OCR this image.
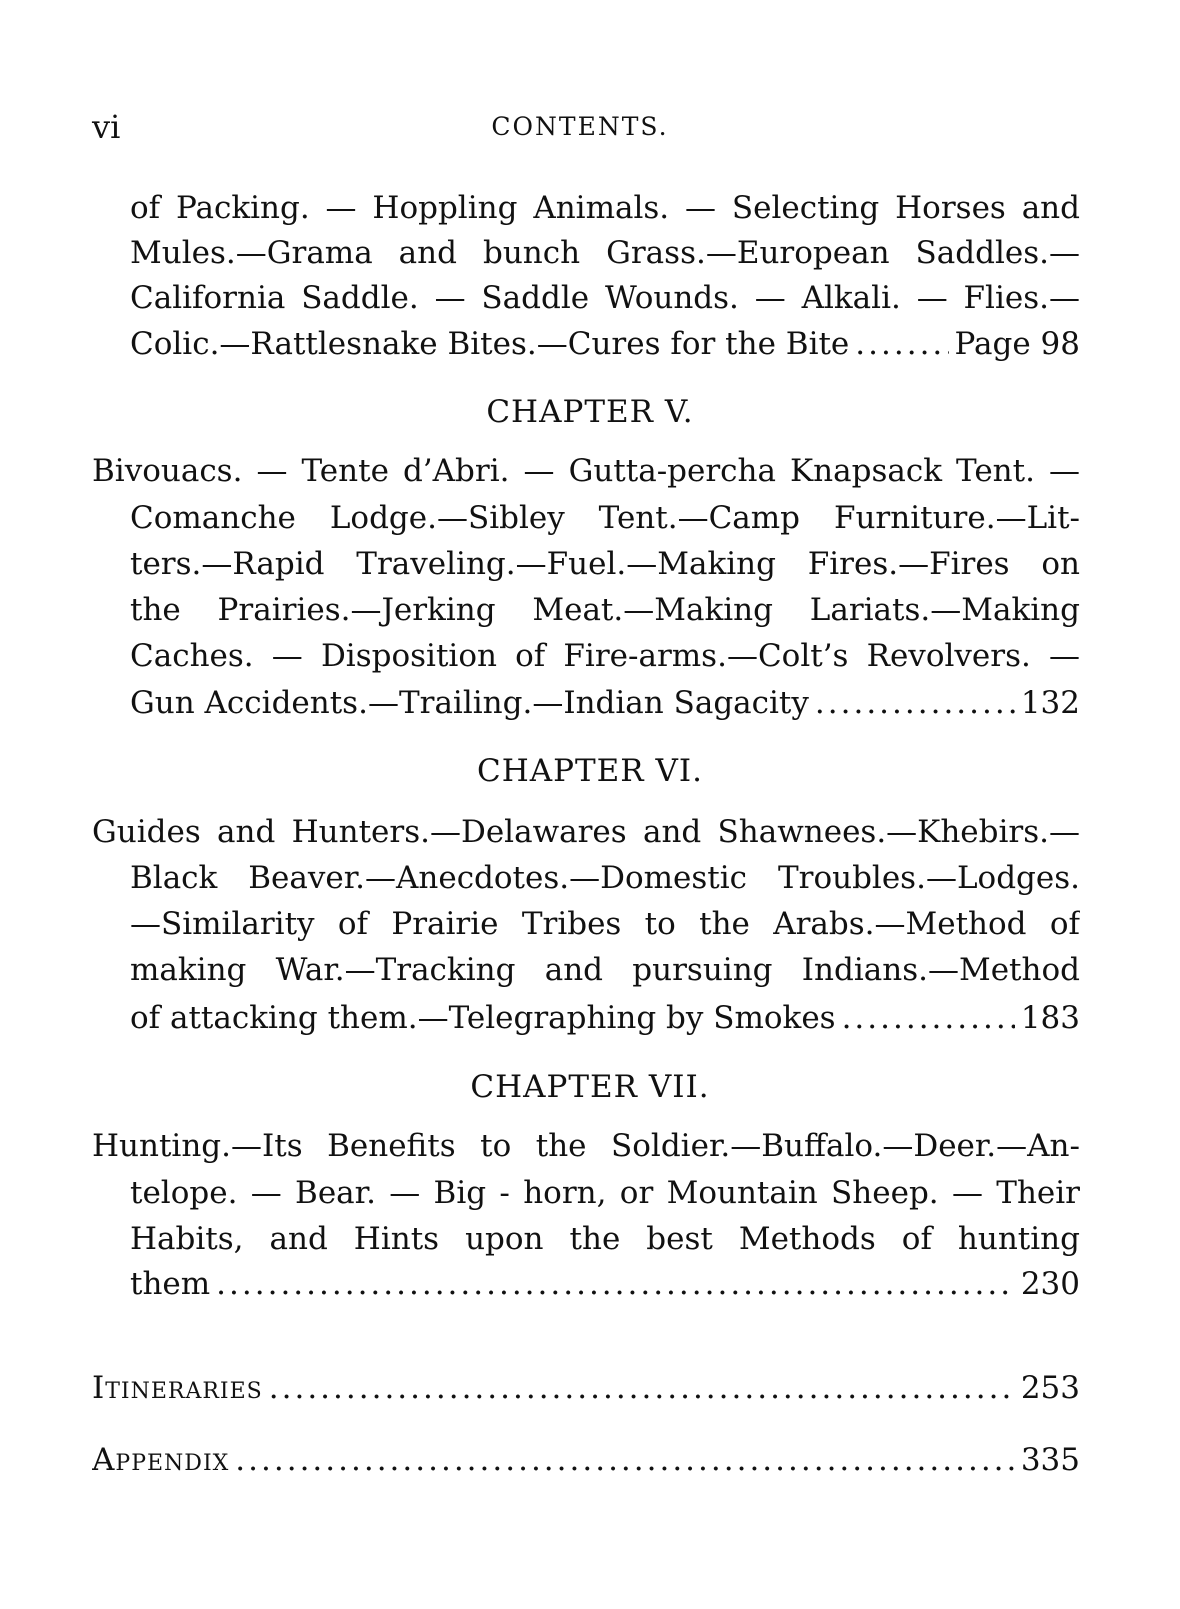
vi	CONTENTS.
of Packing. — Hoppling Animals. — Selecting Horses and
Mules.—Grama and bunch Grass.—European Saddles.—
California Saddle. — Saddle Wounds. — Alkali. — Flies.—
Colic.—Rattlesnake Bites.—Cures for the Bite .....	Page 98
CHAPTER V.
Bivouacs. — Tente d’Abri. — Gutta-percha Knapsack Tent. —
Comanche Lodge.—Sibley Tent.—Camp Furniture.—Lit-
ters.—Rapid Traveling.—Fuel.—Making Fires.—Fires on
the Prairies.—Jerking Meat.—Making Lariats.—Making
Caches. — Disposition of Fire-arms.—Colt’s Revolvers. —
Gun Accidents.—Trailing.—Indian Sagacity .....	132
CHAPTER VI.
Guides and Hunters.—Delawares and Shawnees.—Khebirs.—
Black Beaver.—Anecdotes.—Domestic Troubles.—Lodges.
—Similarity of Prairie Tribes to the Arabs.—Method of
making War.—Tracking and pursuing Indians.—Method
of attacking them.—Telegraphing by Smokes .....	183
CHAPTER VII.
Hunting.—Its Benefits to the Soldier.—Buffalo.—Deer.—An-
telope. — Bear. — Big - horn, or Mountain Sheep. — Their
Habits, and Hints upon the best Methods of hunting
them .....	230
Itineraries .....	253
Appendix .....	335
